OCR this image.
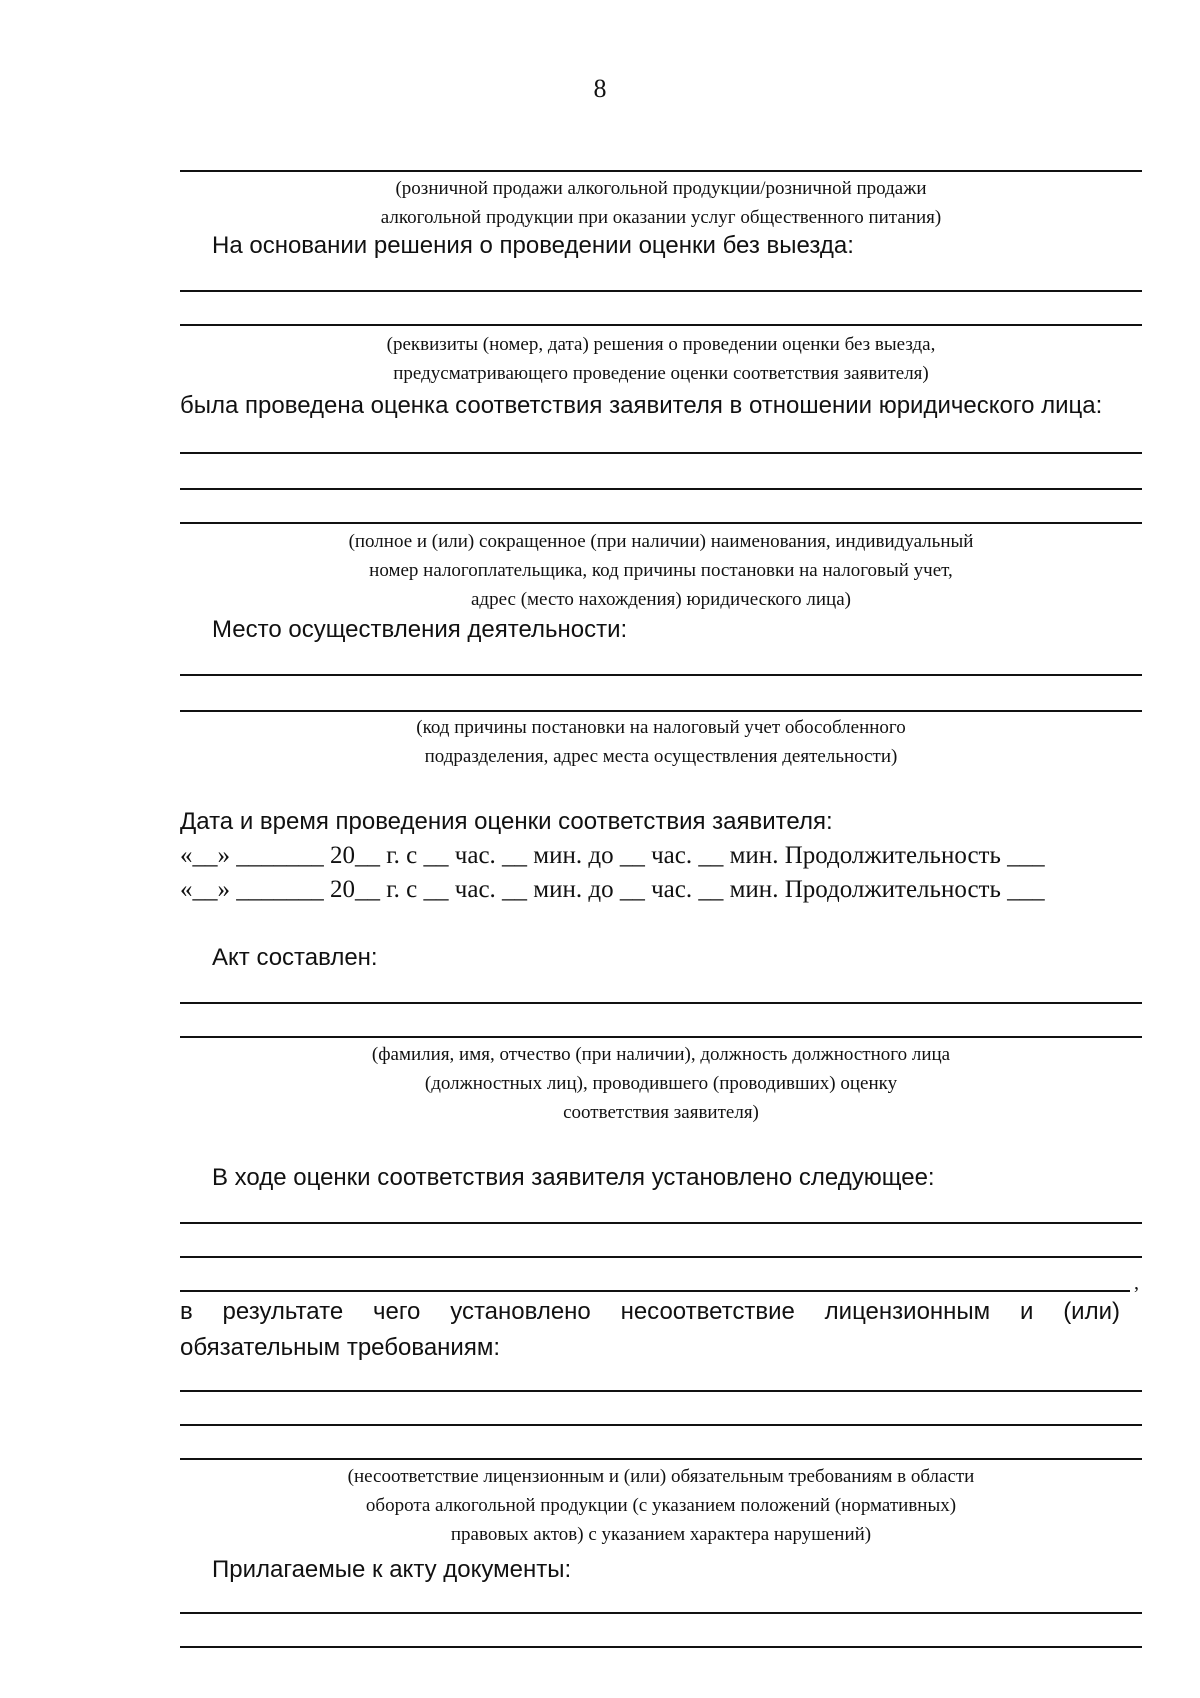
8
(розничной продажи алкогольной продукции/розничной продажи
алкогольной продукции при оказании услуг общественного питания)
На основании решения о проведении оценки без выезда:
(реквизиты (номер, дата) решения о проведении оценки без выезда,
предусматривающего проведение оценки соответствия заявителя)
была проведена оценка соответствия заявителя в отношении юридического лица:
(полное и (или) сокращенное (при наличии) наименования, индивидуальный
номер налогоплательщика, код причины постановки на налоговый учет,
адрес (место нахождения) юридического лица)
Место осуществления деятельности:
(код причины постановки на налоговый учет обособленного
подразделения, адрес места осуществления деятельности)
Дата и время проведения оценки соответствия заявителя:
«__» _______ 20__ г. с __ час. __ мин. до __ час. __ мин. Продолжительность ___
«__» _______ 20__ г. с __ час. __ мин. до __ час. __ мин. Продолжительность ___
Акт составлен:
(фамилия, имя, отчество (при наличии), должность должностного лица
(должностных лиц), проводившего (проводивших) оценку
соответствия заявителя)
В ходе оценки соответствия заявителя установлено следующее:
,
в результате чего установлено несоответствие лицензионным и (или)
обязательным требованиям:
(несоответствие лицензионным и (или) обязательным требованиям в области
оборота алкогольной продукции (с указанием положений (нормативных)
правовых актов) с указанием характера нарушений)
Прилагаемые к акту документы:
